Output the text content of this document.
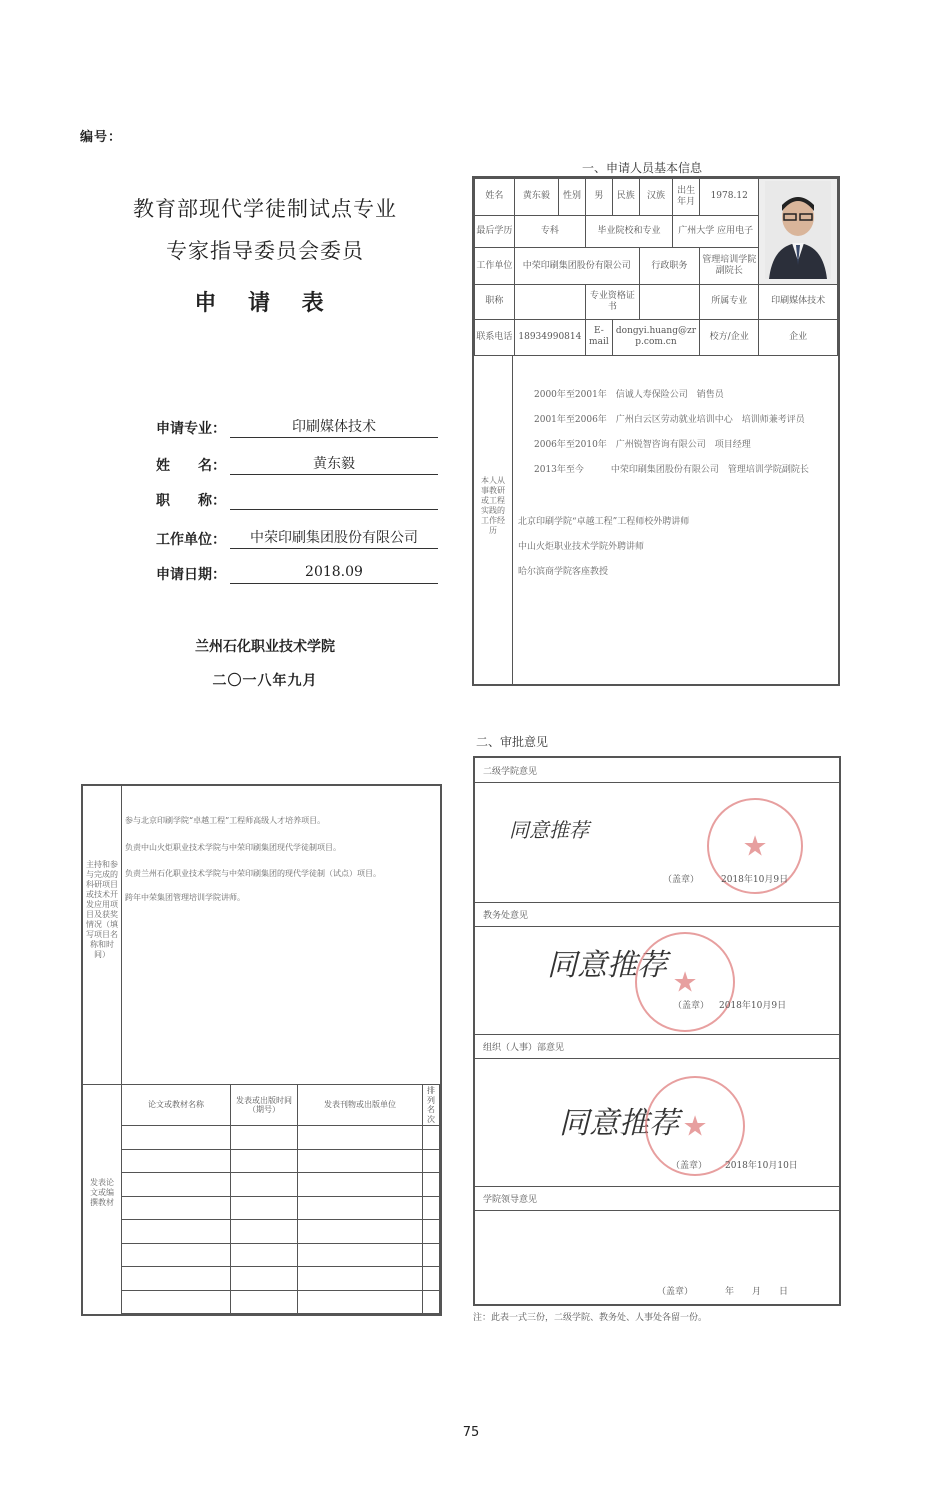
编号：
教育部现代学徒制试点专业
专家指导委员会委员
申 请 表
申请专业：	印刷媒体技术
姓　　名：	黄东毅
职　　称：
工作单位：	中荣印刷集团股份有限公司
申请日期：	2018.09
兰州石化职业技术学院
二〇一八年九月
一、申请人员基本信息
姓名	黄东毅	性别	男	民族	汉族	出生年月	1978.12	
最后学历	专科		毕业院校和专业			广州大学 应用电子		
工作单位	中荣印刷集团股份有限公司				行政职务		管理培训学院副院长	
职称			专业资格证书				所属专业	印刷媒体技术
联系电话	18934990814		E-mail	dongyi.huang@zrp.com.cn			校方/企业	企业
本人从事教研或工程实践的工作经历
2000年至2001年　信诚人寿保险公司　销售员
2001年至2006年　广州白云区劳动就业培训中心　培训师兼考评员
2006年至2010年　广州锐智咨询有限公司　项目经理
2013年至今　　　中荣印刷集团股份有限公司　管理培训学院副院长
北京印刷学院“卓越工程”工程师校外聘讲师
中山火炬职业技术学院外聘讲师
哈尔滨商学院客座教授
二、审批意见
二级学院意见
同意推荐	★
（盖章） 2018年10月9日
教务处意见
同意推荐 ★
（盖章） 2018年10月9日
组织（人事）部意见
同意推荐 ★
（盖章） 2018年10月10日
学院领导意见
（盖章）	年　　月　　日
注：此表一式三份，二级学院、教务处、人事处各留一份。
主持和参与完成的科研项目或技术开发应用项目及获奖情况（填写项目名称和时间）
参与北京印刷学院“卓越工程”工程师高级人才培养项目。
负责中山火炬职业技术学院与中荣印刷集团现代学徒制项目。
负责兰州石化职业技术学院与中荣印刷集团的现代学徒制（试点）项目。
跨年中荣集团管理培训学院讲师。
发表论文或编撰教材
论文或教材名称	发表或出版时间（期号）	发表刊物或出版单位	排列名次

75
